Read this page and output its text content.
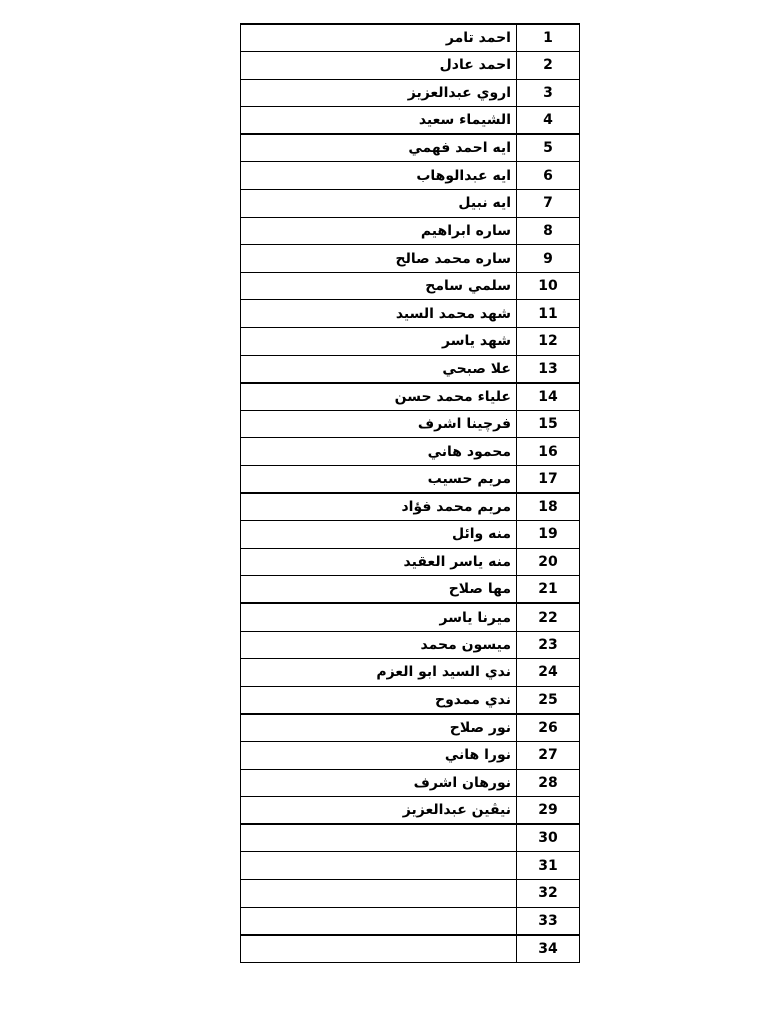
احمد تامر	1
احمد عادل	2
اروي عبدالعزيز	3
الشيماء سعيد	4
ايه احمد فهمي	5
ايه عبدالوهاب	6
ايه نبيل	7
ساره ابراهيم	8
ساره محمد صالح	9
سلمي سامح	10
شهد محمد السيد	11
شهد ياسر	12
علا صبحي	13
علياء محمد حسن	14
فرچينا اشرف	15
محمود هاني	16
مريم حسيب	17
مريم محمد فؤاد	18
منه وائل	19
منه ياسر العقيد	20
مها صلاح	21
ميرنا ياسر	22
ميسون محمد	23
ندي السيد ابو العزم	24
ندي ممدوح	25
نور صلاح	26
نورا هاني	27
نورهان اشرف	28
نيڤين عبدالعزيز	29
	30
	31
	32
	33
	34
